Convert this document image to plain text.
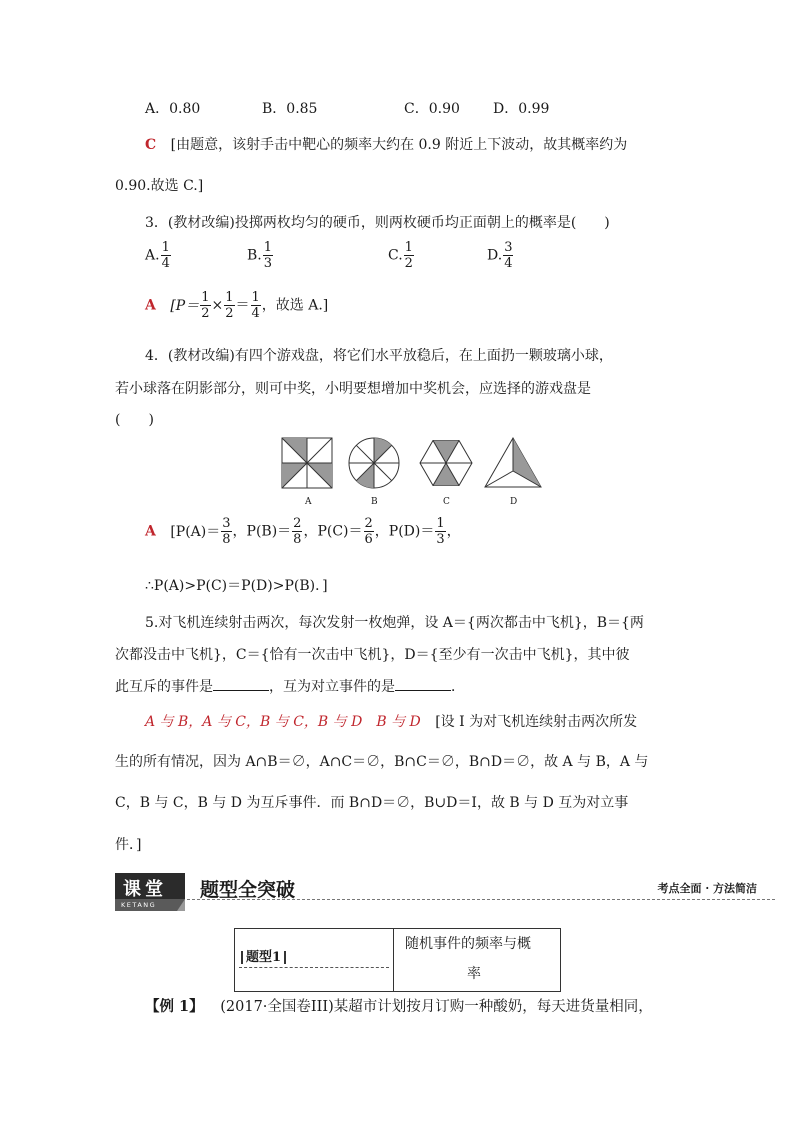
A．0.80	B．0.85	C．0.90 D．0.99
C [由题意，该射手击中靶心的频率大约在 0.9 附近上下波动，故其概率约为
0.90.故选 C.]
3．(教材改编)投掷两枚均匀的硬币，则两枚硬币均正面朝上的概率是(　　)
A. $\frac{1}{4}$	B. $\frac{1}{3}$	C. $\frac{1}{2}$	D. $\frac{3}{4}$
A [$P= \frac{1}{2} \times \frac{1}{2} = \frac{1}{4}$ ，故选 A.]
4．(教材改编)有四个游戏盘，将它们水平放稳后，在上面扔一颗玻璃小球，
若小球落在阴影部分，则可中奖，小明要想增加中奖机会，应选择的游戏盘是
(　　)
A	B	C	D
A [$P(A)= \frac{3}{8}$ ，$P(B)= \frac{2}{8}$ ，$P(C)= \frac{2}{6}$ ，$P(D)= \frac{1}{3}$ ，
∴P(A)>P(C)＝P(D)>P(B)．]
5.对飞机连续射击两次，每次发射一枚炮弹，设 A＝{两次都击中飞机}，B＝{两
次都没击中飞机}，C＝{恰有一次击中飞机}，D＝{至少有一次击中飞机}，其中彼
此互斥的事件是	，互为对立事件的是	．
A 与 B，A 与 C，B 与 C，B 与 D　B 与 D [设 I 为对飞机连续射击两次所发
生的所有情况，因为 A∩B＝∅，A∩C＝∅，B∩C＝∅，B∩D＝∅，故 A 与 B，A 与
C，B 与 C，B 与 D 为互斥事件．而 B∩D＝∅，B∪D＝I，故 B 与 D 互为对立事
件．]
课堂
KETANG
题型全突破	考点全面 · 方法简洁
题型1
随机事件的频率与概
率
【例 1】 (2017·全国卷III)某超市计划按月订购一种酸奶，每天进货量相同，
